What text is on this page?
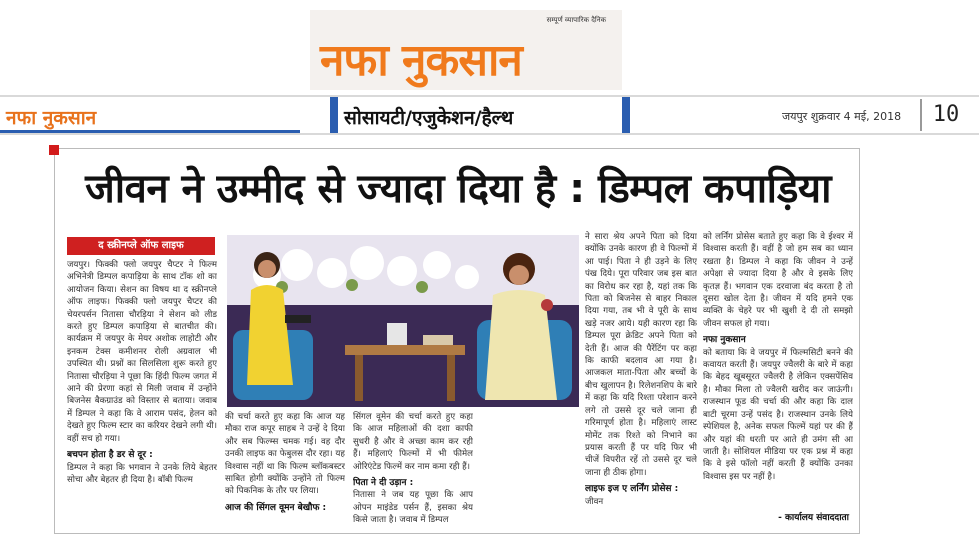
सम्पूर्ण व्यापारिक दैनिक
नफा नुकसान
नफा नुकसान	सोसायटी/एजुकेशन/हैल्थ	जयपुर शुक्रवार 4 मई, 2018	10
जीवन ने उम्मीद से ज्यादा दिया है : डिम्पल कपाड़िया
द स्क्रीनप्ले ऑफ लाइफ
जयपुर। फिक्की फ्लो जयपुर चैप्टर ने फिल्म अभिनेत्री डिम्पल कपाड़िया के साथ टॉक शो का आयोजन किया। सेशन का विषय था द स्क्रीनप्ले ऑफ लाइफ। फिक्की फ्लो जयपुर चैप्टर की चेयरपर्सन नितासा चौरड़िया ने सेशन को लीड करते हुए डिम्पल कपाड़िया से बातचीत की। कार्यक्रम में जयपुर के मेयर अशोक लाहोटी और इनकम टेक्स कमीशनर रोली अग्रवाल भी उपस्थित थी। प्रश्नों का सिलसिला शुरू करते हुए नितासा चौरड़िया ने पूछा कि हिंदी फिल्म जगत में आने की प्रेरणा कहां से मिली जवाब में उन्होंने बिजनेस बैकग्राउंड को विस्तार से बताया। जवाब में डिम्पल ने कहा कि वे आराम पसंद, हेलन को देखते हुए फिल्म स्टार का करियर देखने लगी थी। वहीं सच हो गया।
बचपन होता है डर से दूर :
डिम्पल ने कहा कि भगवान ने उनके लिये बेहतर सोचा और बेहतर ही दिया है। बॉबी फिल्म
की चर्चा करते हुए कहा कि आज यह मौका राज कपूर साहब ने उन्हें दे दिया और सब फिल्म्स चमक गई। वह दौर उनकी लाइफ का फेबुलस दौर रहा। यह विश्वास नहीं था कि फिल्म ब्लॉकबस्टर साबित होगी क्योंकि उन्होंने तो फिल्म को पिकनिक के तौर पर लिया।
आज की सिंगल वूमन बेखौफ :
सिंगल वूमेन की चर्चा करते हुए कहा कि आज महिलाओं की दशा काफी सुधरी है और वे अच्छा काम कर रही हैं। महिलाएं फिल्मों में भी फीमेल ओरिएंटेड फिल्में कर नाम कमा रही हैं।
पिता ने दी उड़ान :
नितासा ने जब यह पूछा कि आप ओपन माइंडेड पर्सन हैं, इसका श्रेय किसे जाता है। जवाब में डिम्पल
ने सारा श्रेय अपने पिता को दिया क्योंकि उनके कारण ही वे फिल्मों में आ पाई। पिता ने ही उड़ने के लिए पंख दिये। पूरा परिवार जब इस बात का विरोध कर रहा है, यहां तक कि पिता को बिजनेस से बाहर निकाल दिया गया, तब भी वे पूरी के साथ खड़े नजर आये। यही कारण रहा कि डिम्पल पूरा क्रेडिट अपने पिता को देती हैं। आज की पैरेंटिंग पर कहा कि काफी बदलाव आ गया है। आजकल माता-पिता और बच्चों के बीच खुलापन है। रिलेशनशिप के बारे में कहा कि यदि रिश्ता परेशान करने लगे तो उससे दूर चले जाना ही गरिमापूर्ण होता है। महिलाएं लास्ट मोमेंट तक रिश्ते को निभाने का प्रयास करती हैं पर यदि फिर भी चीजें विपरीत रहें तो उससे दूर चले जाना ही ठीक होगा।
लाइफ इज ए लर्निंग प्रोसेस :
जीवन
को लर्निंग प्रोसेस बताते हुए कहा कि वे ईश्वर में विश्वास करती हैं। वहीं है जो हम सब का ध्यान रखता है। डिम्पल ने कहा कि जीवन ने उन्हें अपेक्षा से ज्यादा दिया है और वे इसके लिए कृतज्ञ हैं। भगवान एक दरवाजा बंद करता है तो दूसरा खोल देता है। जीवन में यदि हमने एक व्यक्ति के चेहरे पर भी खुशी दे दी तो समझो जीवन सफल हो गया।
नफा नुकसान
को बताया कि वे जयपुर में फिल्मसिटी बनने की कवायत करती हैं। जयपुर ज्वैलरी के बारे में कहा कि बेहद खूबसूरत ज्वैलरी है लेकिन एक्सपेंसिव है। मौका मिला तो ज्वैलरी खरीद कर जाऊंगी। राजस्थान फूड की चर्चा की और कहा कि दाल बाटी चूरमा उन्हें पसंद है। राजस्थान उनके लिये स्पेशियल है, अनेक सफल फिल्में यहां पर की हैं और यहां की धरती पर आते ही उमंग सी आ जाती है। सोशियल मीडिया पर एक प्रश्न में कहा कि वे इसे फॉलो नहीं करती हैं क्योंकि उनका विश्वास इस पर नहीं है।
- कार्यालय संवाददाता
